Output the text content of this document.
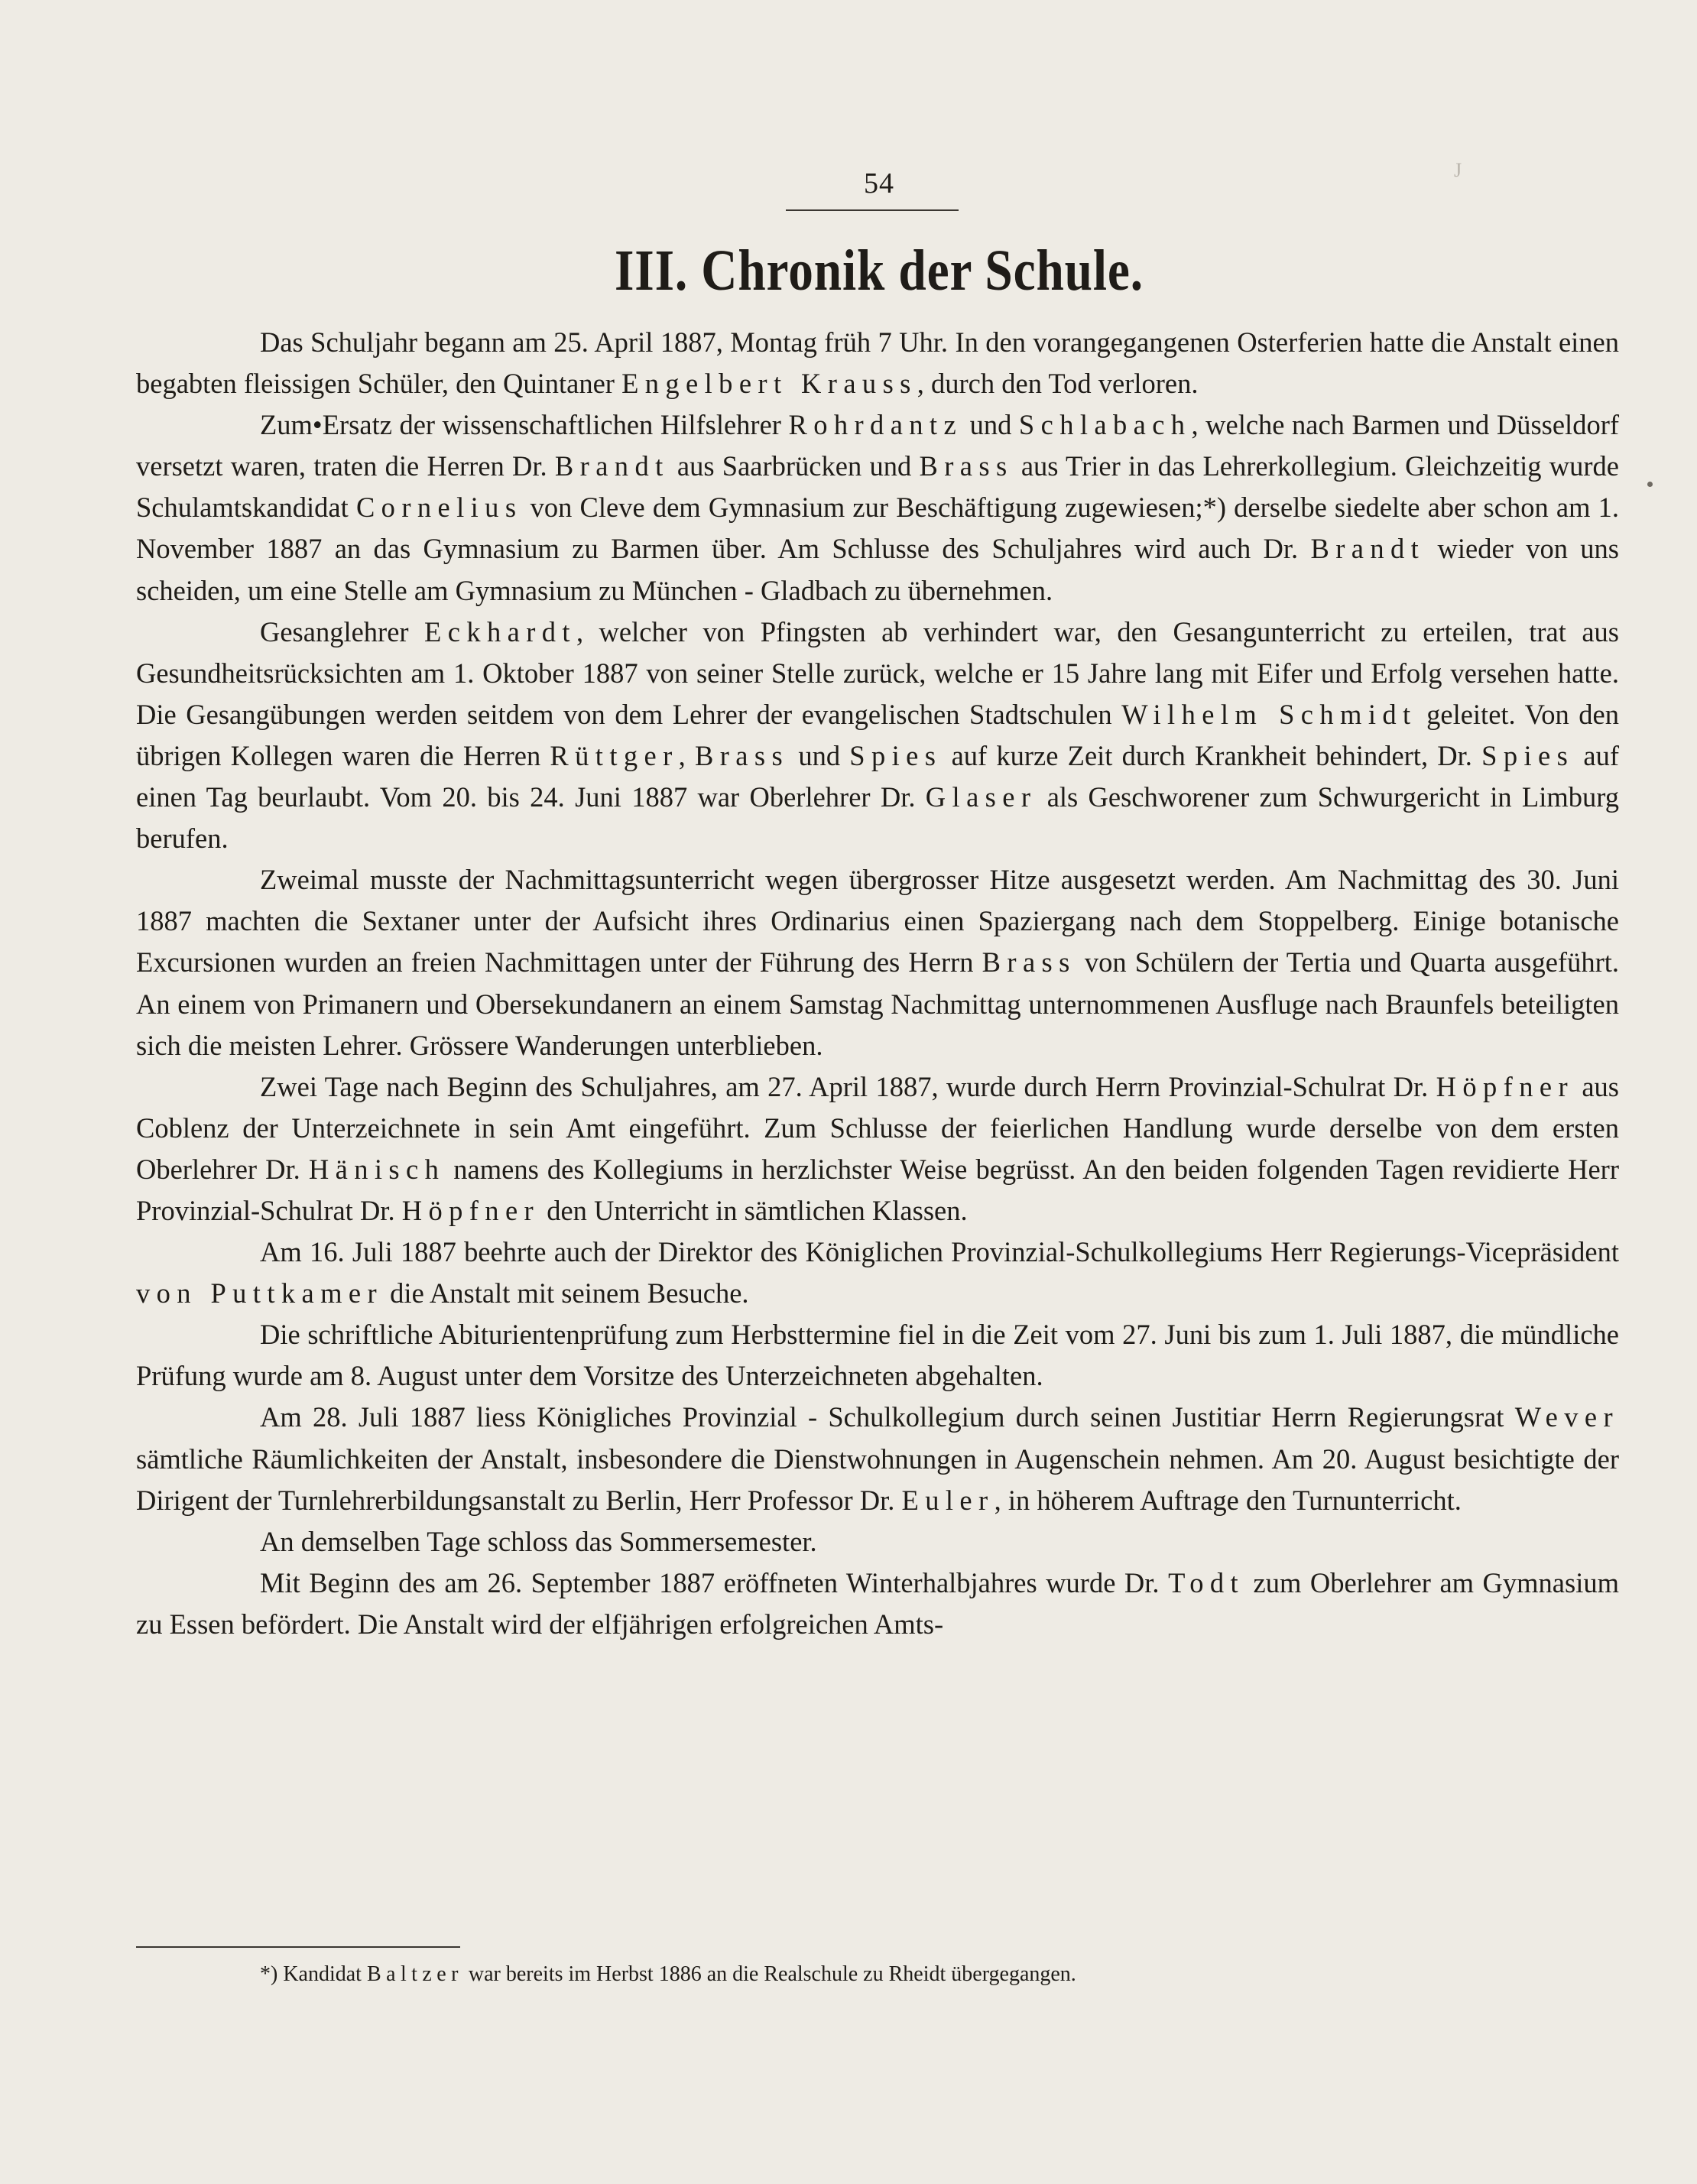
54
III. Chronik der Schule.

Das Schuljahr begann am 25. April 1887, Montag früh 7 Uhr. In den vorangegangenen Osterferien hatte die Anstalt einen begabten fleissigen Schüler, den Quintaner Engelbert Krauss, durch den Tod verloren.

Zum•Ersatz der wissenschaftlichen Hilfslehrer Rohrdantz und Schlabach, welche nach Barmen und Düsseldorf versetzt waren, traten die Herren Dr. Brandt aus Saarbrücken und Brass aus Trier in das Lehrerkollegium. Gleichzeitig wurde Schulamtskandidat Cornelius von Cleve dem Gymnasium zur Beschäftigung zugewiesen;*) derselbe siedelte aber schon am 1. November 1887 an das Gymnasium zu Barmen über. Am Schlusse des Schuljahres wird auch Dr. Brandt wieder von uns scheiden, um eine Stelle am Gymnasium zu München - Gladbach zu übernehmen.

Gesanglehrer Eckhardt, welcher von Pfingsten ab verhindert war, den Gesangunterricht zu erteilen, trat aus Gesundheitsrücksichten am 1. Oktober 1887 von seiner Stelle zurück, welche er 15 Jahre lang mit Eifer und Erfolg versehen hatte. Die Gesangübungen werden seitdem von dem Lehrer der evangelischen Stadtschulen Wilhelm Schmidt geleitet. Von den übrigen Kollegen waren die Herren Rüttger, Brass und Spies auf kurze Zeit durch Krankheit behindert, Dr. Spies auf einen Tag beurlaubt. Vom 20. bis 24. Juni 1887 war Oberlehrer Dr. Glaser als Geschworener zum Schwurgericht in Limburg berufen.

Zweimal musste der Nachmittagsunterricht wegen übergrosser Hitze ausgesetzt werden. Am Nachmittag des 30. Juni 1887 machten die Sextaner unter der Aufsicht ihres Ordinarius einen Spaziergang nach dem Stoppelberg. Einige botanische Excursionen wurden an freien Nachmittagen unter der Führung des Herrn Brass von Schülern der Tertia und Quarta ausgeführt. An einem von Primanern und Obersekundanern an einem Samstag Nachmittag unternommenen Ausfluge nach Braunfels beteiligten sich die meisten Lehrer. Grössere Wanderungen unterblieben.

Zwei Tage nach Beginn des Schuljahres, am 27. April 1887, wurde durch Herrn Provinzial-Schulrat Dr. Höpfner aus Coblenz der Unterzeichnete in sein Amt eingeführt. Zum Schlusse der feierlichen Handlung wurde derselbe von dem ersten Oberlehrer Dr. Hänisch namens des Kollegiums in herzlichster Weise begrüsst. An den beiden folgenden Tagen revidierte Herr Provinzial-Schulrat Dr. Höpfner den Unterricht in sämtlichen Klassen.

Am 16. Juli 1887 beehrte auch der Direktor des Königlichen Provinzial-Schulkollegiums Herr Regierungs-Vicepräsident von Puttkamer die Anstalt mit seinem Besuche.

Die schriftliche Abiturientenprüfung zum Herbsttermine fiel in die Zeit vom 27. Juni bis zum 1. Juli 1887, die mündliche Prüfung wurde am 8. August unter dem Vorsitze des Unterzeichneten abgehalten.

Am 28. Juli 1887 liess Königliches Provinzial - Schulkollegium durch seinen Justitiar Herrn Regierungsrat Wever sämtliche Räumlichkeiten der Anstalt, insbesondere die Dienstwohnungen in Augenschein nehmen. Am 20. August besichtigte der Dirigent der Turnlehrerbildungsanstalt zu Berlin, Herr Professor Dr. Euler, in höherem Auftrage den Turnunterricht.

An demselben Tage schloss das Sommersemester.

Mit Beginn des am 26. September 1887 eröffneten Winterhalbjahres wurde Dr. Todt zum Oberlehrer am Gymnasium zu Essen befördert. Die Anstalt wird der elfjährigen erfolgreichen Amts-

*) Kandidat Baltzer war bereits im Herbst 1886 an die Realschule zu Rheidt übergegangen.

J
